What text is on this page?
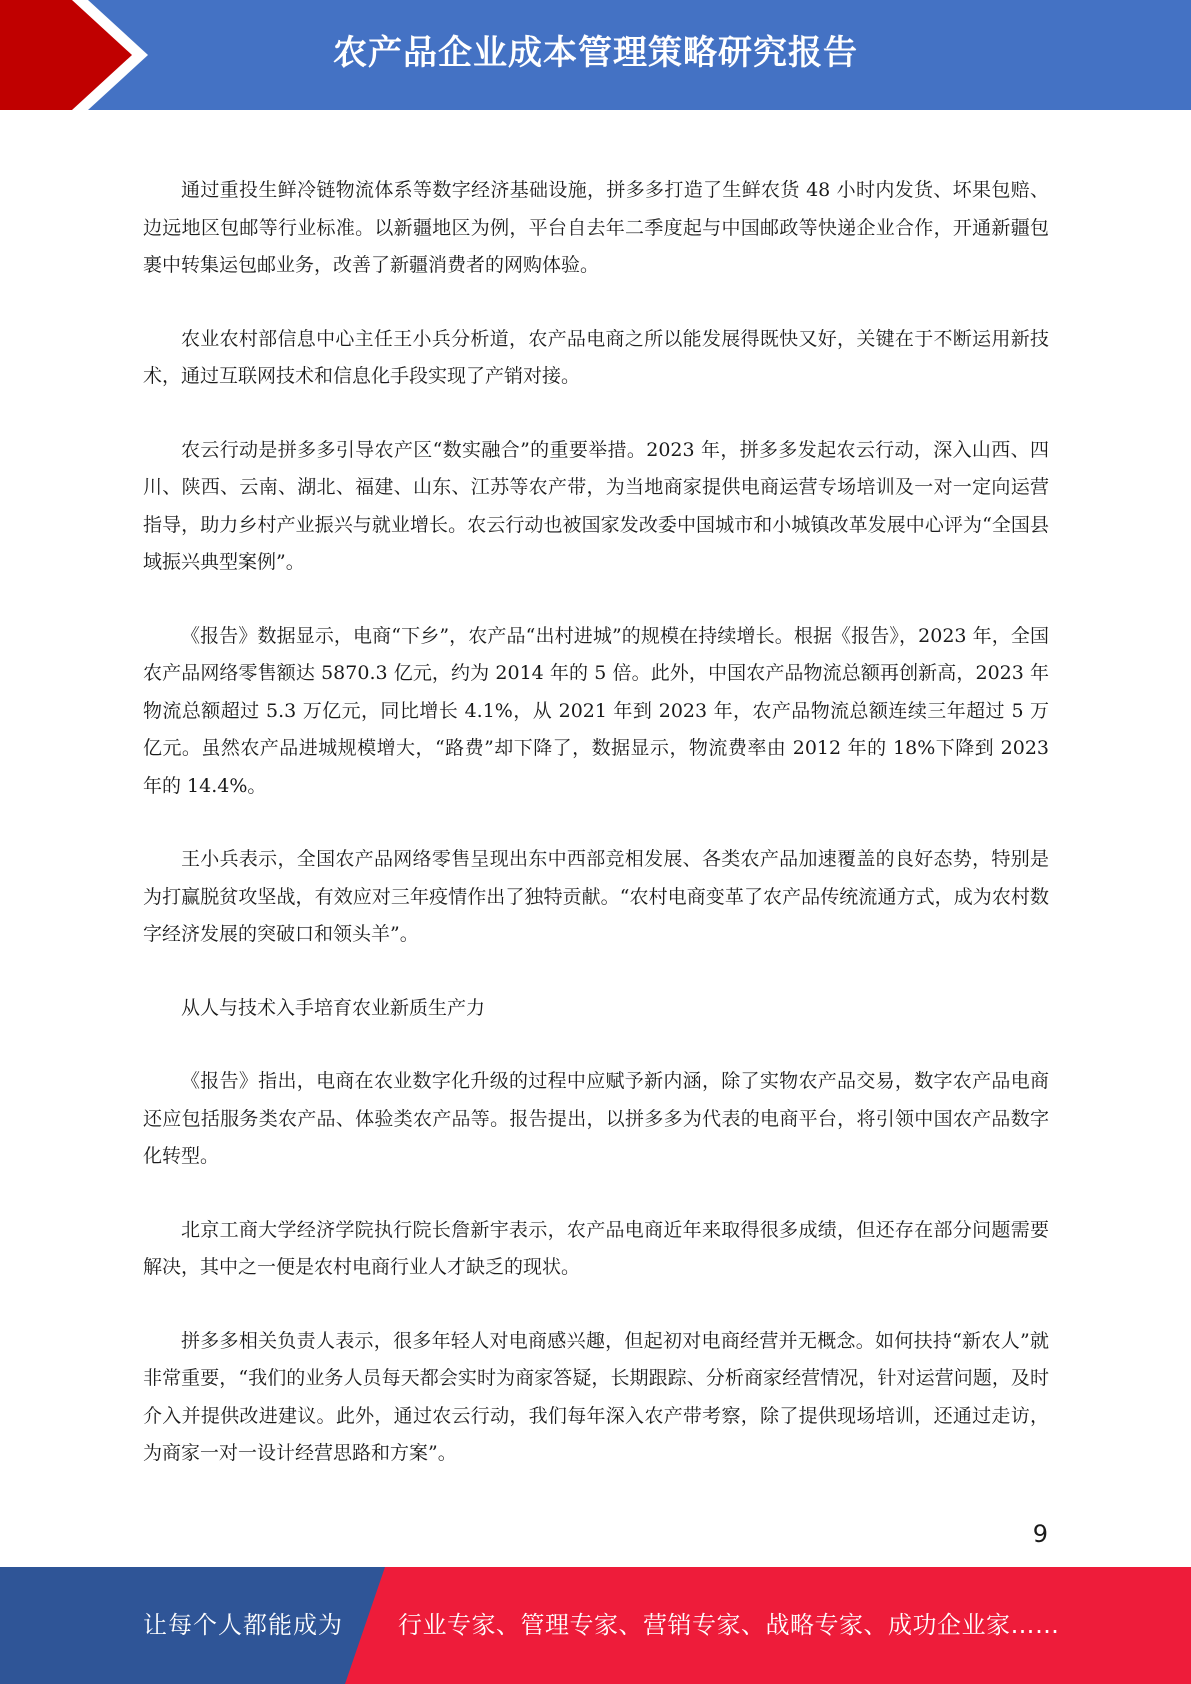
农产品企业成本管理策略研究报告

通过重投生鲜冷链物流体系等数字经济基础设施，拼多多打造了生鲜农货 48 小时内发货、坏果包赔、边远地区包邮等行业标准。以新疆地区为例，平台自去年二季度起与中国邮政等快递企业合作，开通新疆包裹中转集运包邮业务，改善了新疆消费者的网购体验。

农业农村部信息中心主任王小兵分析道，农产品电商之所以能发展得既快又好，关键在于不断运用新技术，通过互联网技术和信息化手段实现了产销对接。

农云行动是拼多多引导农产区“数实融合”的重要举措。2023 年，拼多多发起农云行动，深入山西、四川、陕西、云南、湖北、福建、山东、江苏等农产带，为当地商家提供电商运营专场培训及一对一定向运营指导，助力乡村产业振兴与就业增长。农云行动也被国家发改委中国城市和小城镇改革发展中心评为“全国县域振兴典型案例”。

《报告》数据显示，电商“下乡”，农产品“出村进城”的规模在持续增长。根据《报告》，2023 年，全国农产品网络零售额达 5870.3 亿元，约为 2014 年的 5 倍。此外，中国农产品物流总额再创新高，2023 年物流总额超过 5.3 万亿元，同比增长 4.1%，从 2021 年到 2023 年，农产品物流总额连续三年超过 5 万亿元。虽然农产品进城规模增大，“路费”却下降了，数据显示，物流费率由 2012 年的 18%下降到 2023 年的 14.4%。

王小兵表示，全国农产品网络零售呈现出东中西部竞相发展、各类农产品加速覆盖的良好态势，特别是为打赢脱贫攻坚战，有效应对三年疫情作出了独特贡献。“农村电商变革了农产品传统流通方式，成为农村数字经济发展的突破口和领头羊”。

从人与技术入手培育农业新质生产力

《报告》指出，电商在农业数字化升级的过程中应赋予新内涵，除了实物农产品交易，数字农产品电商还应包括服务类农产品、体验类农产品等。报告提出，以拼多多为代表的电商平台，将引领中国农产品数字化转型。

北京工商大学经济学院执行院长詹新宇表示，农产品电商近年来取得很多成绩，但还存在部分问题需要解决，其中之一便是农村电商行业人才缺乏的现状。

拼多多相关负责人表示，很多年轻人对电商感兴趣，但起初对电商经营并无概念。如何扶持“新农人”就非常重要，“我们的业务人员每天都会实时为商家答疑，长期跟踪、分析商家经营情况，针对运营问题，及时介入并提供改进建议。此外，通过农云行动，我们每年深入农产带考察，除了提供现场培训，还通过走访，为商家一对一设计经营思路和方案”。

9
让每个人都能成为 行业专家、管理专家、营销专家、战略专家、成功企业家……
